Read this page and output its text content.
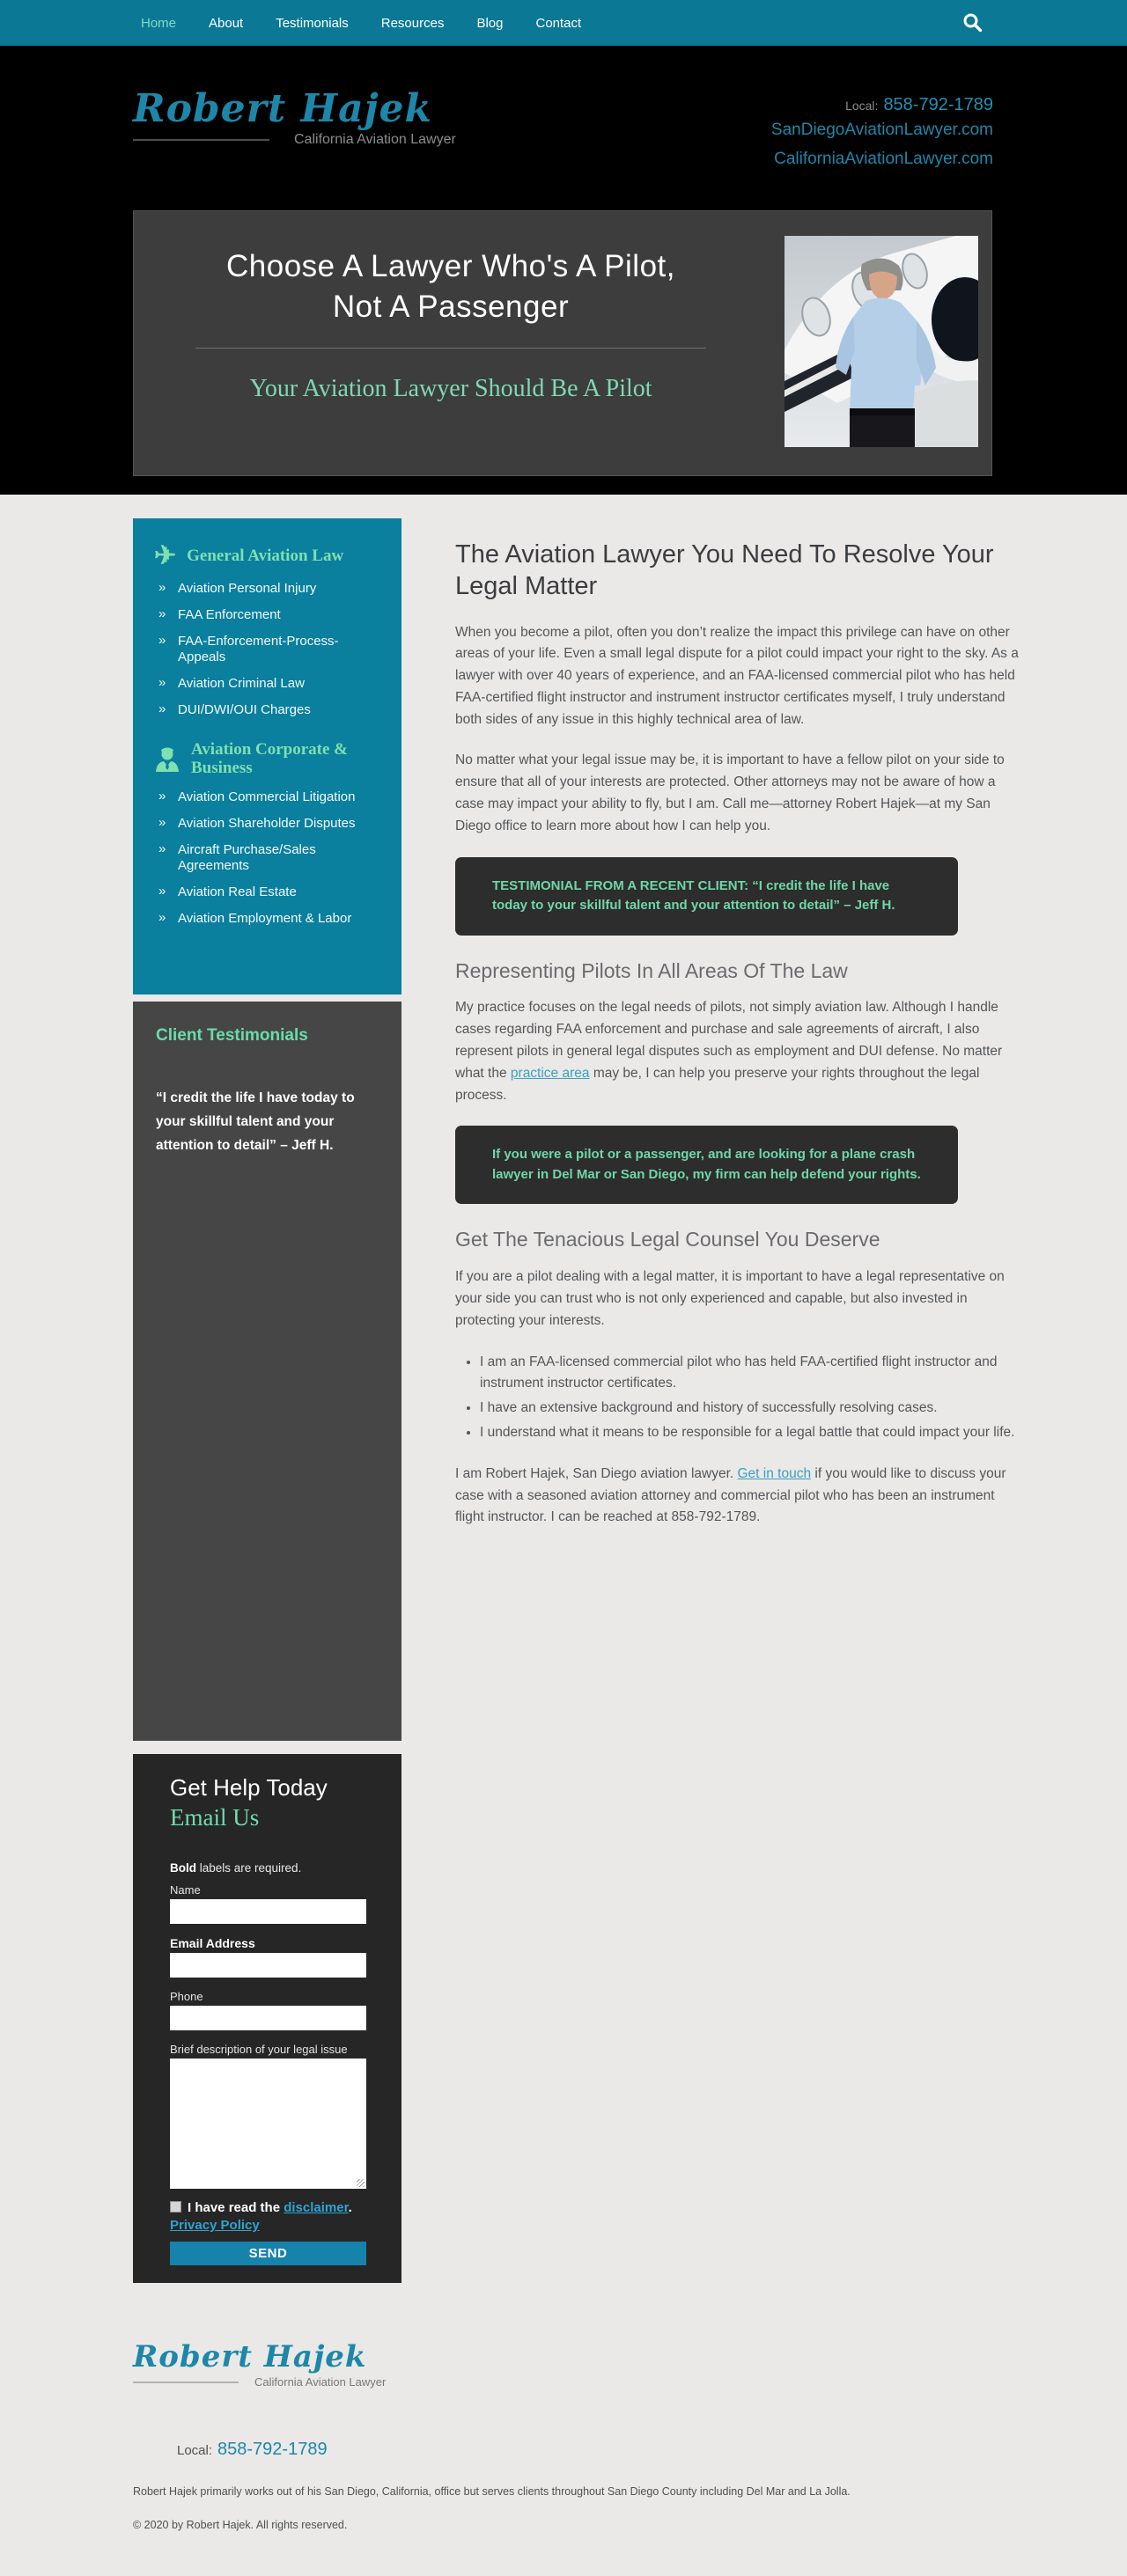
Home About Testimonials Resources Blog Contact
Robert Hajek
California Aviation Lawyer
Local: 858-792-1789
SanDiegoAviationLawyer.com
CaliforniaAviationLawyer.com
Choose A Lawyer Who's A Pilot,
Not A Passenger
Your Aviation Lawyer Should Be A Pilot
✈ General Aviation Law
» Aviation Personal Injury
» FAA Enforcement
» FAA-Enforcement-Process-Appeals
» Aviation Criminal Law
» DUI/DWI/OUI Charges
Aviation Corporate & Business
» Aviation Commercial Litigation
» Aviation Shareholder Disputes
» Aircraft Purchase/Sales Agreements
» Aviation Real Estate
» Aviation Employment & Labor
Client Testimonials
“I credit the life I have today to your skillful talent and your attention to detail” – Jeff H.
Get Help Today
Email Us
Bold labels are required.
Name
Email Address
Phone
Brief description of your legal issue
I have read the disclaimer.
Privacy Policy
SEND
The Aviation Lawyer You Need To Resolve Your Legal Matter

When you become a pilot, often you don’t realize the impact this privilege can have on other areas of your life. Even a small legal dispute for a pilot could impact your right to the sky. As a lawyer with over 40 years of experience, and an FAA-licensed commercial pilot who has held FAA-certified flight instructor and instrument instructor certificates myself, I truly understand both sides of any issue in this highly technical area of law.

No matter what your legal issue may be, it is important to have a fellow pilot on your side to ensure that all of your interests are protected. Other attorneys may not be aware of how a case may impact your ability to fly, but I am. Call me—attorney Robert Hajek—at my San Diego office to learn more about how I can help you.

TESTIMONIAL FROM A RECENT CLIENT: “I credit the life I have today to your skillful talent and your attention to detail” – Jeff H.
Representing Pilots In All Areas Of The Law

My practice focuses on the legal needs of pilots, not simply aviation law. Although I handle cases regarding FAA enforcement and purchase and sale agreements of aircraft, I also represent pilots in general legal disputes such as employment and DUI defense. No matter what the practice area may be, I can help you preserve your rights throughout the legal process.

If you were a pilot or a passenger, and are looking for a plane crash lawyer in Del Mar or San Diego, my firm can help defend your rights.
Get The Tenacious Legal Counsel You Deserve

If you are a pilot dealing with a legal matter, it is important to have a legal representative on your side you can trust who is not only experienced and capable, but also invested in protecting your interests.

• I am an FAA-licensed commercial pilot who has held FAA-certified flight instructor and instrument instructor certificates.
• I have an extensive background and history of successfully resolving cases.
• I understand what it means to be responsible for a legal battle that could impact your life.

I am Robert Hajek, San Diego aviation lawyer. Get in touch if you would like to discuss your case with a seasoned aviation attorney and commercial pilot who has been an instrument flight instructor. I can be reached at 858-792-1789.

Robert Hajek
California Aviation Lawyer
Local: 858-792-1789
Robert Hajek primarily works out of his San Diego, California, office but serves clients throughout San Diego County including Del Mar and La Jolla.
© 2020 by Robert Hajek. All rights reserved.
